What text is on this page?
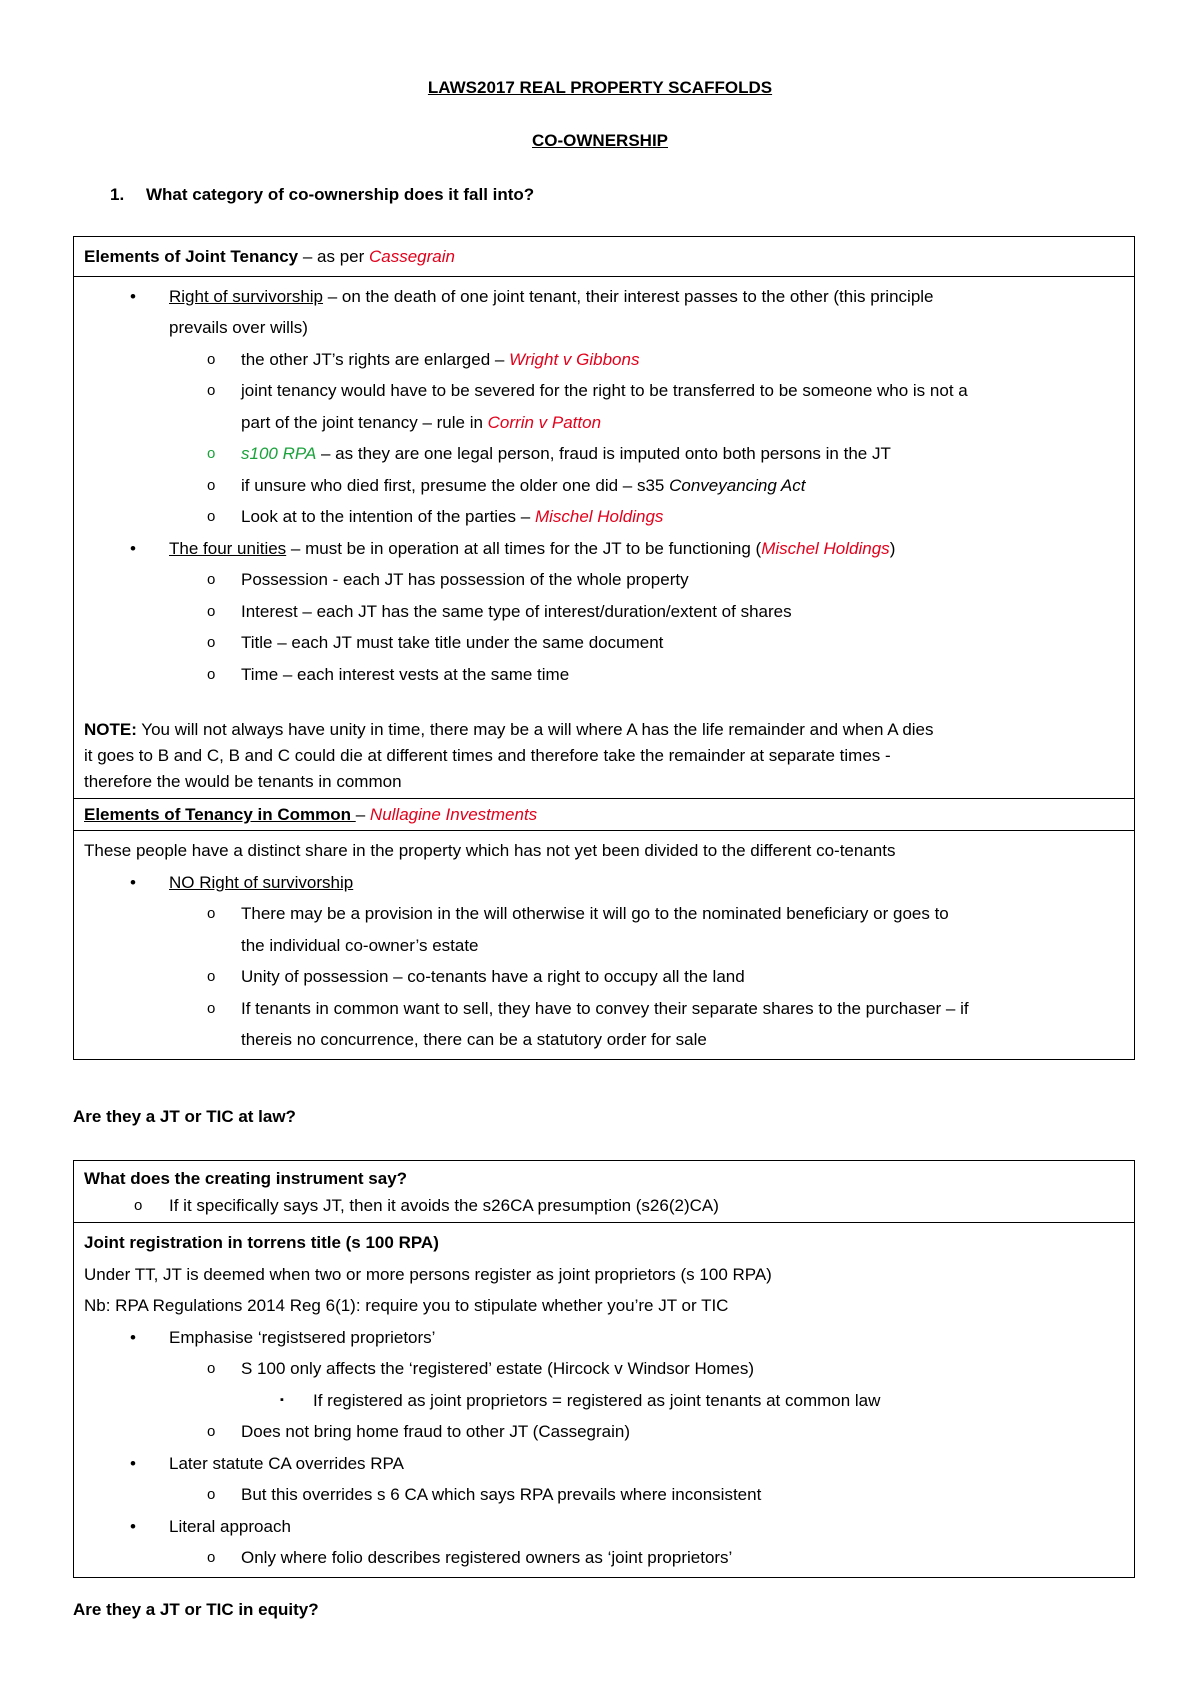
LAWS2017 REAL PROPERTY SCAFFOLDS
CO-OWNERSHIP
1. What category of co-ownership does it fall into?
Elements of Joint Tenancy – as per Cassegrain
• Right of survivorship – on the death of one joint tenant, their interest passes to the other (this principle
prevails over wills)
o the other JT’s rights are enlarged – Wright v Gibbons
o joint tenancy would have to be severed for the right to be transferred to be someone who is not a
part of the joint tenancy – rule in Corrin v Patton
o s100 RPA – as they are one legal person, fraud is imputed onto both persons in the JT
o if unsure who died first, presume the older one did – s35 Conveyancing Act
o Look at to the intention of the parties – Mischel Holdings
• The four unities – must be in operation at all times for the JT to be functioning (Mischel Holdings)
o Possession - each JT has possession of the whole property
o Interest – each JT has the same type of interest/duration/extent of shares
o Title – each JT must take title under the same document
o Time – each interest vests at the same time
NOTE: You will not always have unity in time, there may be a will where A has the life remainder and when A dies
it goes to B and C, B and C could die at different times and therefore take the remainder at separate times -
therefore the would be tenants in common
Elements of Tenancy in Common – Nullagine Investments
These people have a distinct share in the property which has not yet been divided to the different co-tenants
• NO Right of survivorship
o There may be a provision in the will otherwise it will go to the nominated beneficiary or goes to
the individual co-owner’s estate
o Unity of possession – co-tenants have a right to occupy all the land
o If tenants in common want to sell, they have to convey their separate shares to the purchaser – if
thereis no concurrence, there can be a statutory order for sale
Are they a JT or TIC at law?
What does the creating instrument say?
o If it specifically says JT, then it avoids the s26CA presumption (s26(2)CA)
Joint registration in torrens title (s 100 RPA)
Under TT, JT is deemed when two or more persons register as joint proprietors (s 100 RPA)
Nb: RPA Regulations 2014 Reg 6(1): require you to stipulate whether you’re JT or TIC
• Emphasise ‘registsered proprietors’
o S 100 only affects the ‘registered’ estate (Hircock v Windsor Homes)
▪ If registered as joint proprietors = registered as joint tenants at common law
o Does not bring home fraud to other JT (Cassegrain)
• Later statute CA overrides RPA
o But this overrides s 6 CA which says RPA prevails where inconsistent
• Literal approach
o Only where folio describes registered owners as ‘joint proprietors’
Are they a JT or TIC in equity?
